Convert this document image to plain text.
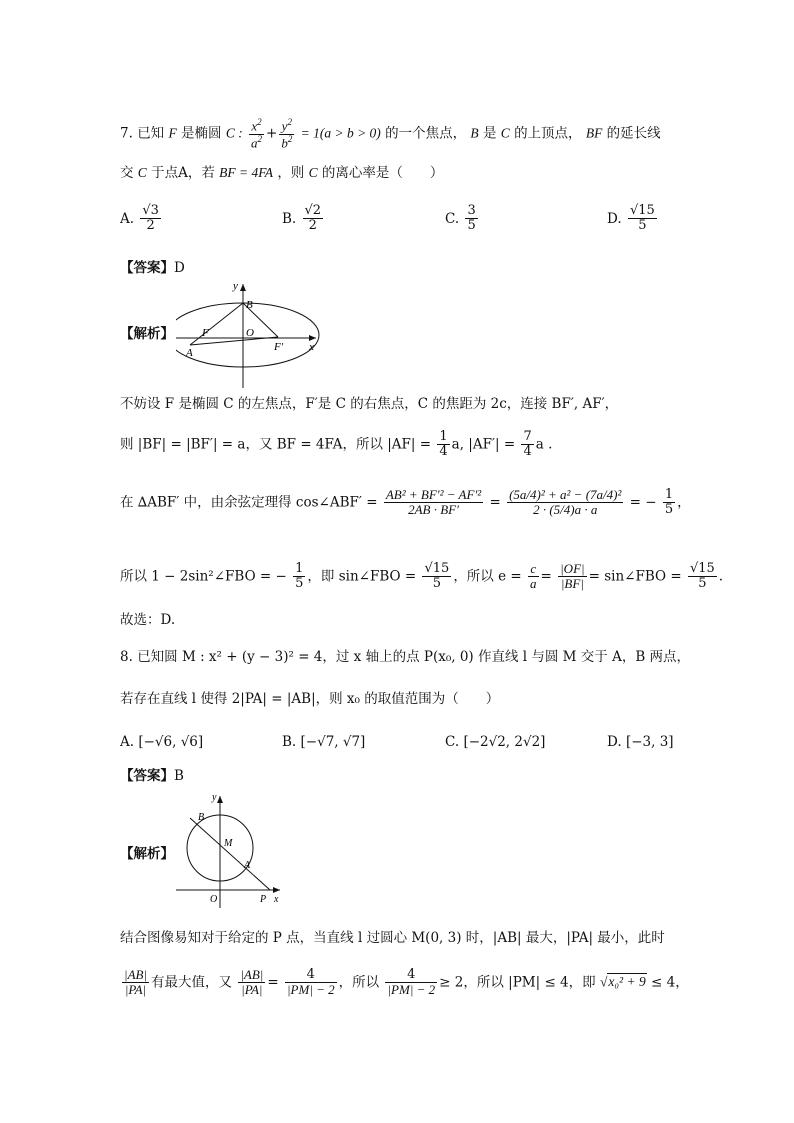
7. 已知 F 是椭圆 C : $\frac{x^2}{a^2} + \frac{y^2}{b^2} = 1(a > b > 0)$ 的一个焦点， B 是 C 的上顶点， BF 的延长线
交 C 于点A，若 BF = 4FA ，则 C 的离心率是（　　）
A. $\frac{√3}{2}$	B. $\frac{√2}{2}$	C. $\frac{3}{5}$	D. $\frac{√15}{5}$
【答案】D
【解析】
y
B
F	O
A	F′ x
不妨设 F 是椭圆 C 的左焦点，F′是 C 的右焦点，C 的焦距为 2c，连接 BF′, AF′，
则 |BF| = |BF′| = a，又 BF = 4FA，所以 $|AF| = \frac{1}{4} a$, $|AF'| = \frac{7}{4}$ a .
在 ∆ABF′ 中，由余弦定理得 cos∠ABF′ = $\frac{\text{AB² + BF′² − AF′²}}{2AB \cdot BF'} = \frac{\text{(5a/4)² + a² − (7a/4)²}}{2 \cdot (5/4)a \cdot a}$ = − $\frac{1}{5}$ ，
所以 1 − 2sin²∠FBO = − $\frac{1}{5}$ ，即 sin∠FBO = $\frac{√15}{5}$ ，所以 $e = \frac{c}{a} = \frac{|OF|}{|BF|}$ = sin∠FBO = $\frac{√15}{5}$ .
故选：D.
8. 已知圆 M : x² + (y − 3)² = 4，过 x 轴上的点 P(x₀, 0) 作直线 l 与圆 M 交于 A，B 两点，
若存在直线 l 使得 2|PA| = |AB|，则 x₀ 的取值范围为（　　）
A. [−√6, √6]	B. [−√7, √7]	C. [−2√2, 2√2]	D. [−3, 3]
【答案】B
【解析】
y
B
M
A
O	P x
结合图像易知对于给定的 P 点，当直线 l 过圆心 M(0, 3) 时，|AB| 最大，|PA| 最小，此时
$\frac{|AB|}{|PA|}$ 有最大值，又 $\frac{|AB|}{|PA|} = \frac{4}{|PM| - 2}$ ，所以 $\frac{4}{|PM| - 2} \ge 2$，所以 |PM| ≤ 4，即 √x₀² + 9 ≤ 4，
